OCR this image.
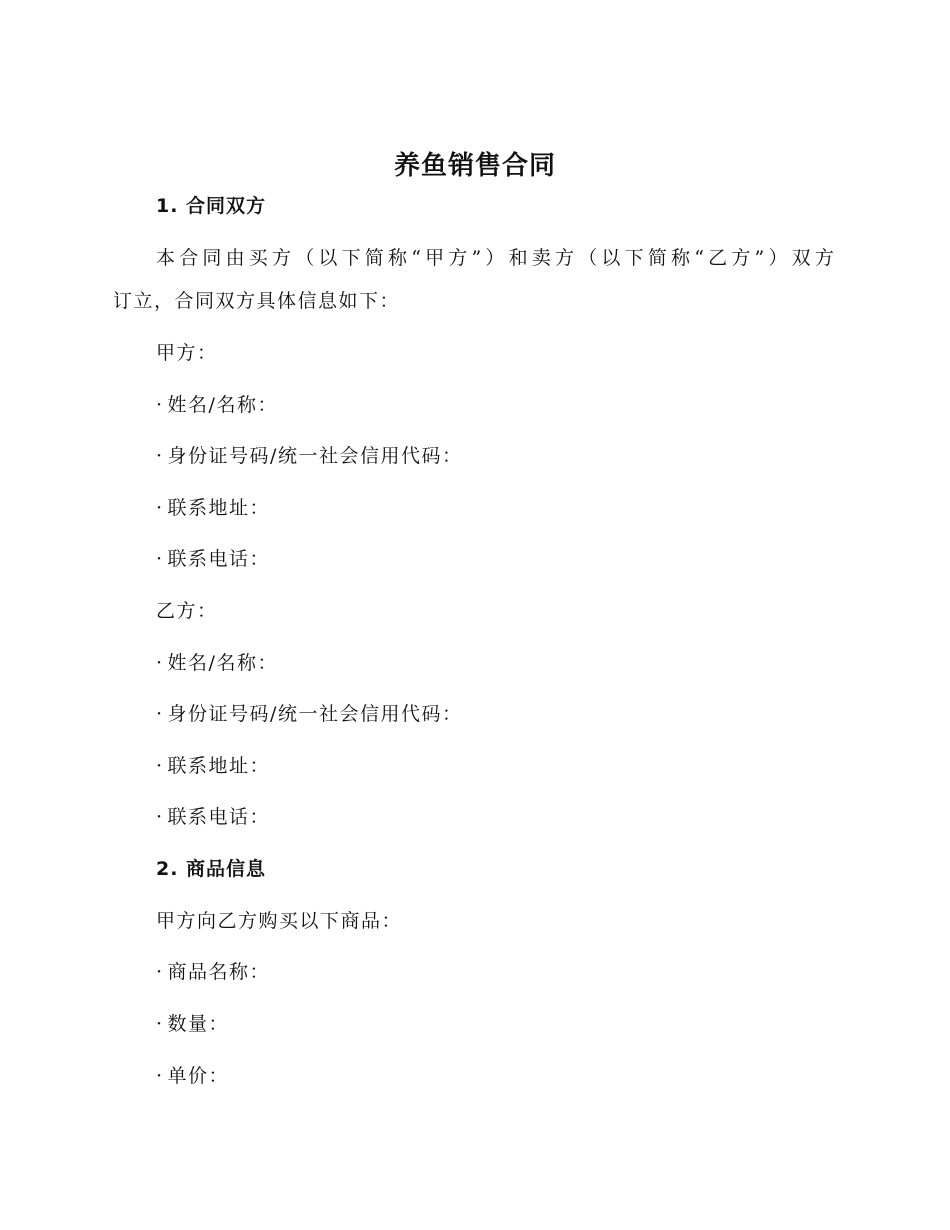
养鱼销售合同
1. 合同双方
本合同由买方（以下简称“甲方”）和卖方（以下简称“乙方”）双方
订立，合同双方具体信息如下：
甲方：
· 姓名/名称：
· 身份证号码/统一社会信用代码：
· 联系地址：
· 联系电话：
乙方：
· 姓名/名称：
· 身份证号码/统一社会信用代码：
· 联系地址：
· 联系电话：
2. 商品信息
甲方向乙方购买以下商品：
· 商品名称：
· 数量：
· 单价：
